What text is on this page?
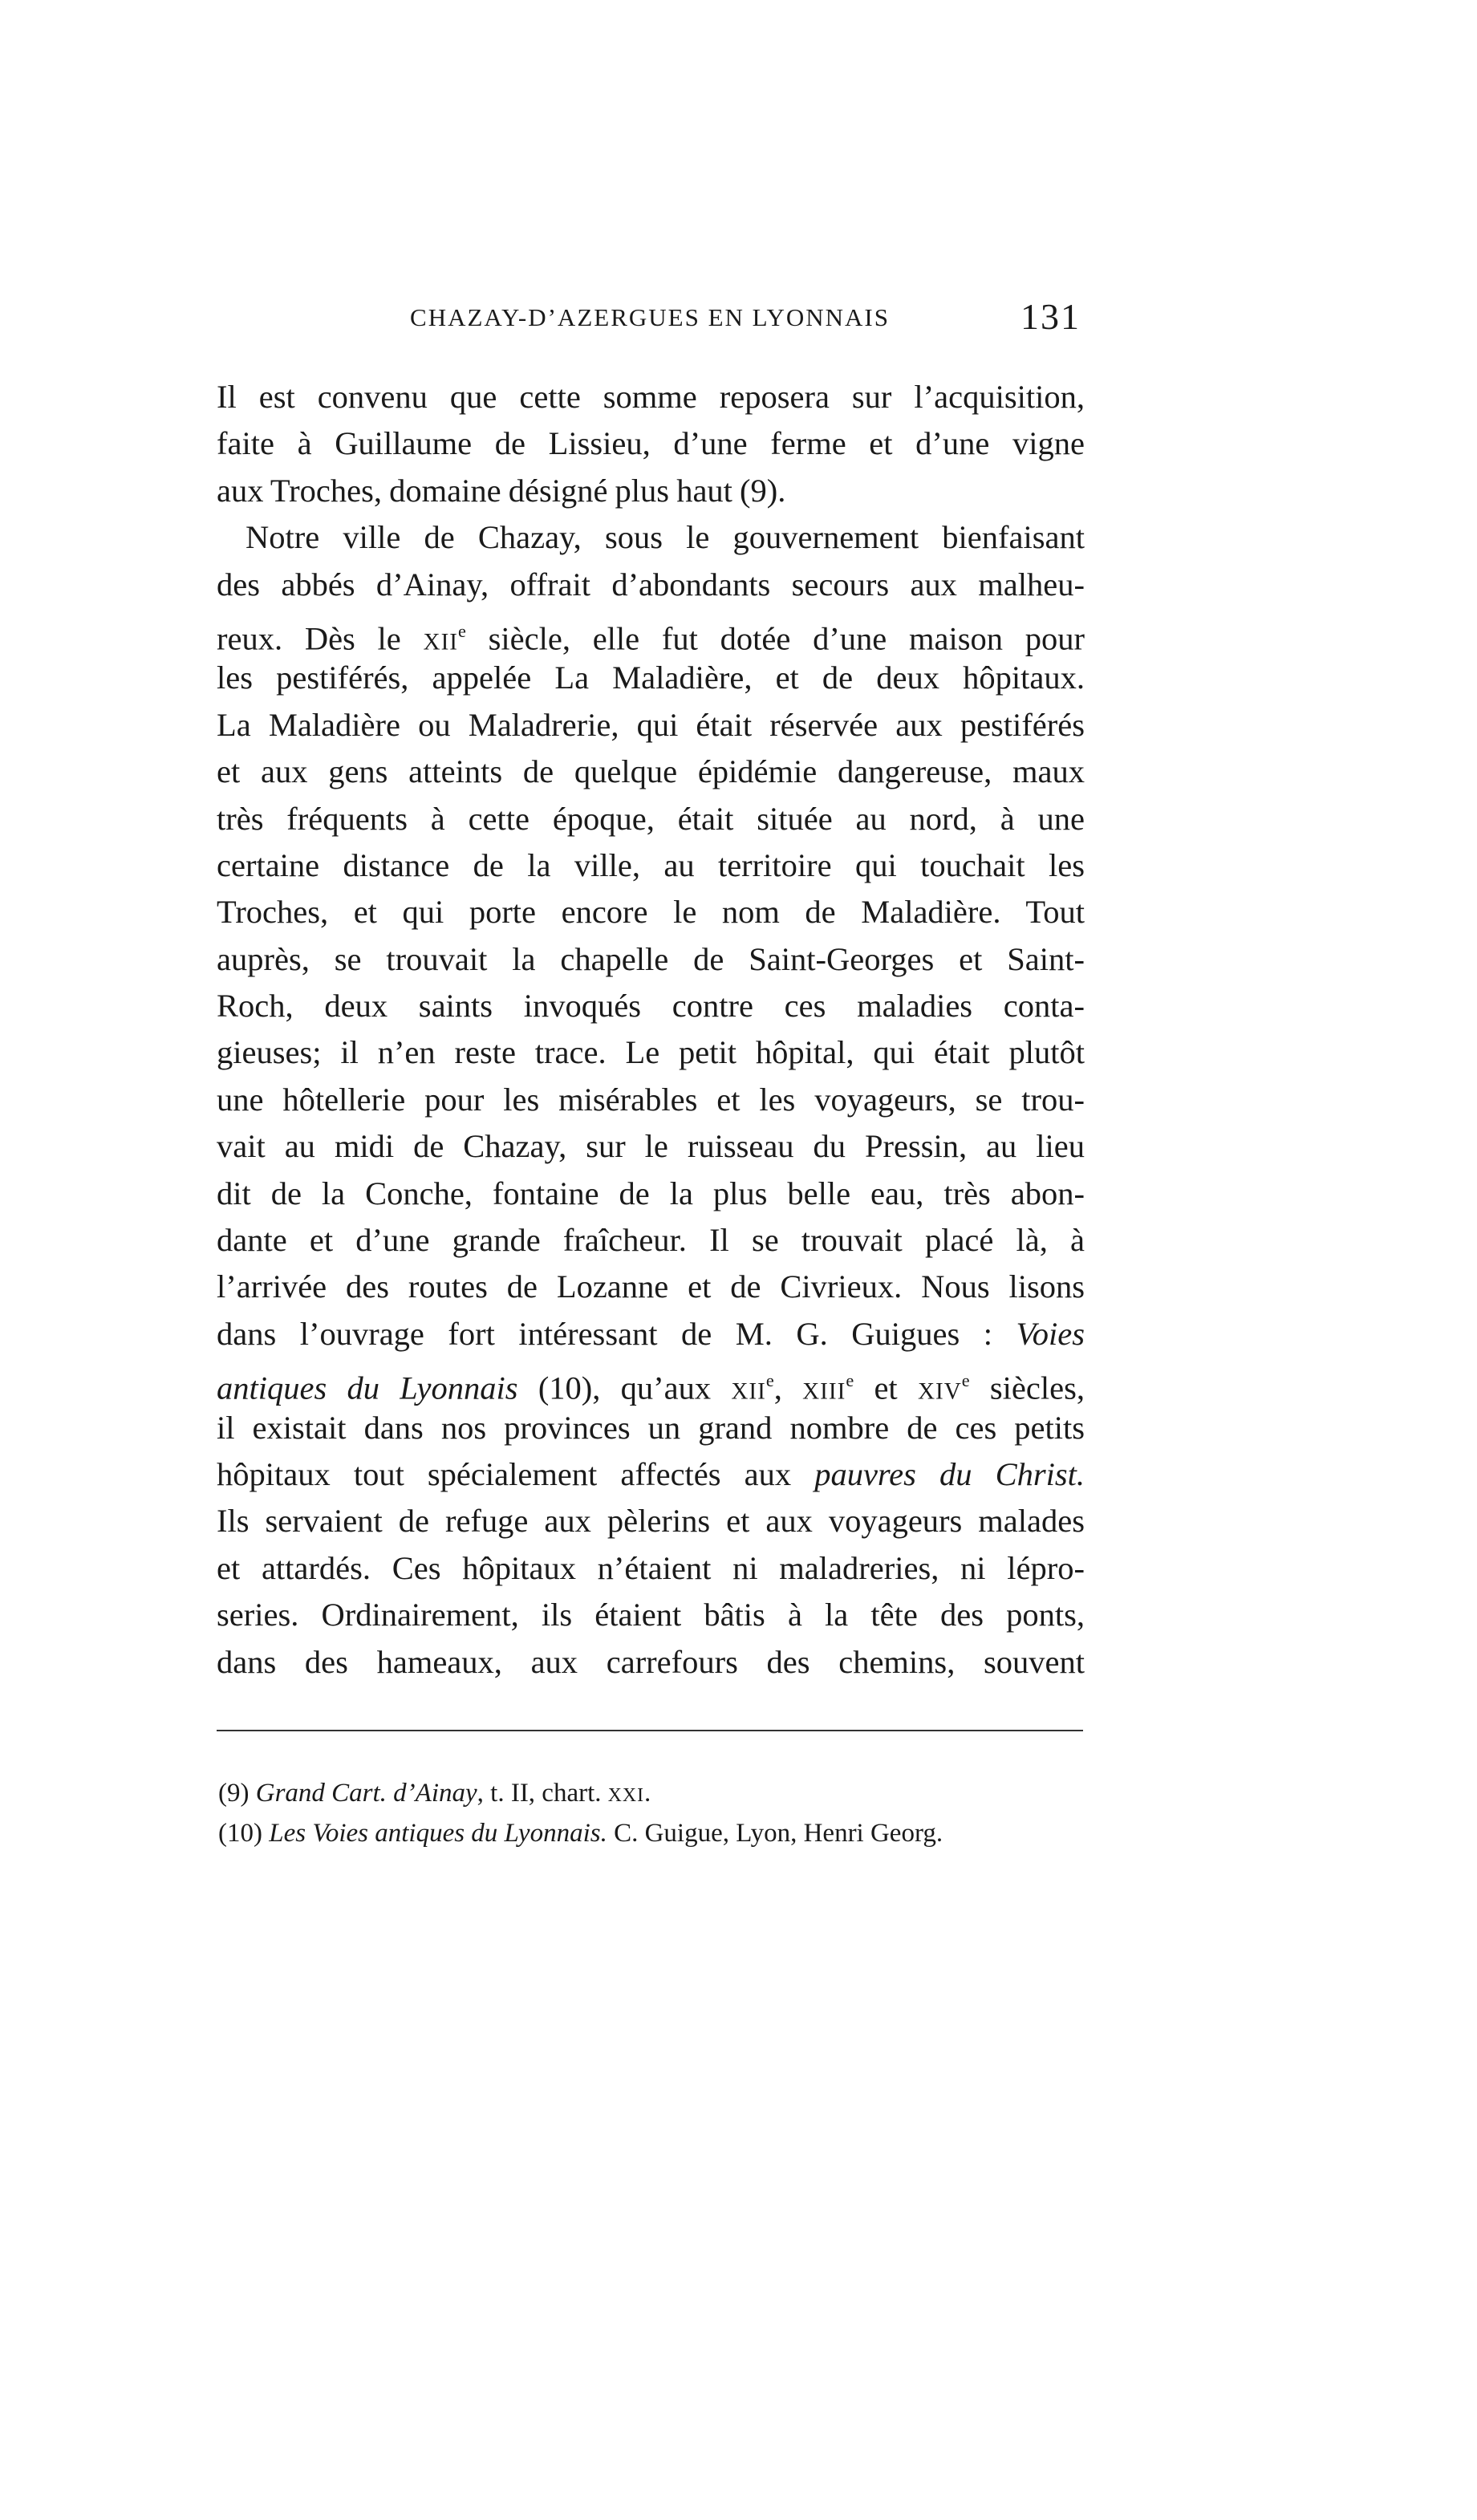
CHAZAY-D’AZERGUES EN LYONNAIS	131
Il est convenu que cette somme reposera sur l’acquisition,
faite à Guillaume de Lissieu, d’une ferme et d’une vigne
aux Troches, domaine désigné plus haut (9).
Notre ville de Chazay, sous le gouvernement bienfaisant
des abbés d’Ainay, offrait d’abondants secours aux malheu-
reux. Dès le XIIe siècle, elle fut dotée d’une maison pour
les pestiférés, appelée La Maladière, et de deux hôpitaux.
La Maladière ou Maladrerie, qui était réservée aux pestiférés
et aux gens atteints de quelque épidémie dangereuse, maux
très fréquents à cette époque, était située au nord, à une
certaine distance de la ville, au territoire qui touchait les
Troches, et qui porte encore le nom de Maladière. Tout
auprès, se trouvait la chapelle de Saint-Georges et Saint-
Roch, deux saints invoqués contre ces maladies conta-
gieuses; il n’en reste trace. Le petit hôpital, qui était plutôt
une hôtellerie pour les misérables et les voyageurs, se trou-
vait au midi de Chazay, sur le ruisseau du Pressin, au lieu
dit de la Conche, fontaine de la plus belle eau, très abon-
dante et d’une grande fraîcheur. Il se trouvait placé là, à
l’arrivée des routes de Lozanne et de Civrieux. Nous lisons
dans l’ouvrage fort intéressant de M. G. Guigues : Voies
antiques du Lyonnais (10), qu’aux XIIe, XIIIe et XIVe siècles,
il existait dans nos provinces un grand nombre de ces petits
hôpitaux tout spécialement affectés aux pauvres du Christ.
Ils servaient de refuge aux pèlerins et aux voyageurs malades
et attardés. Ces hôpitaux n’étaient ni maladreries, ni lépro-
series. Ordinairement, ils étaient bâtis à la tête des ponts,
dans des hameaux, aux carrefours des chemins, souvent
(9) Grand Cart. d’Ainay, t. II, chart. XXI.
(10) Les Voies antiques du Lyonnais. C. Guigue, Lyon, Henri Georg.
